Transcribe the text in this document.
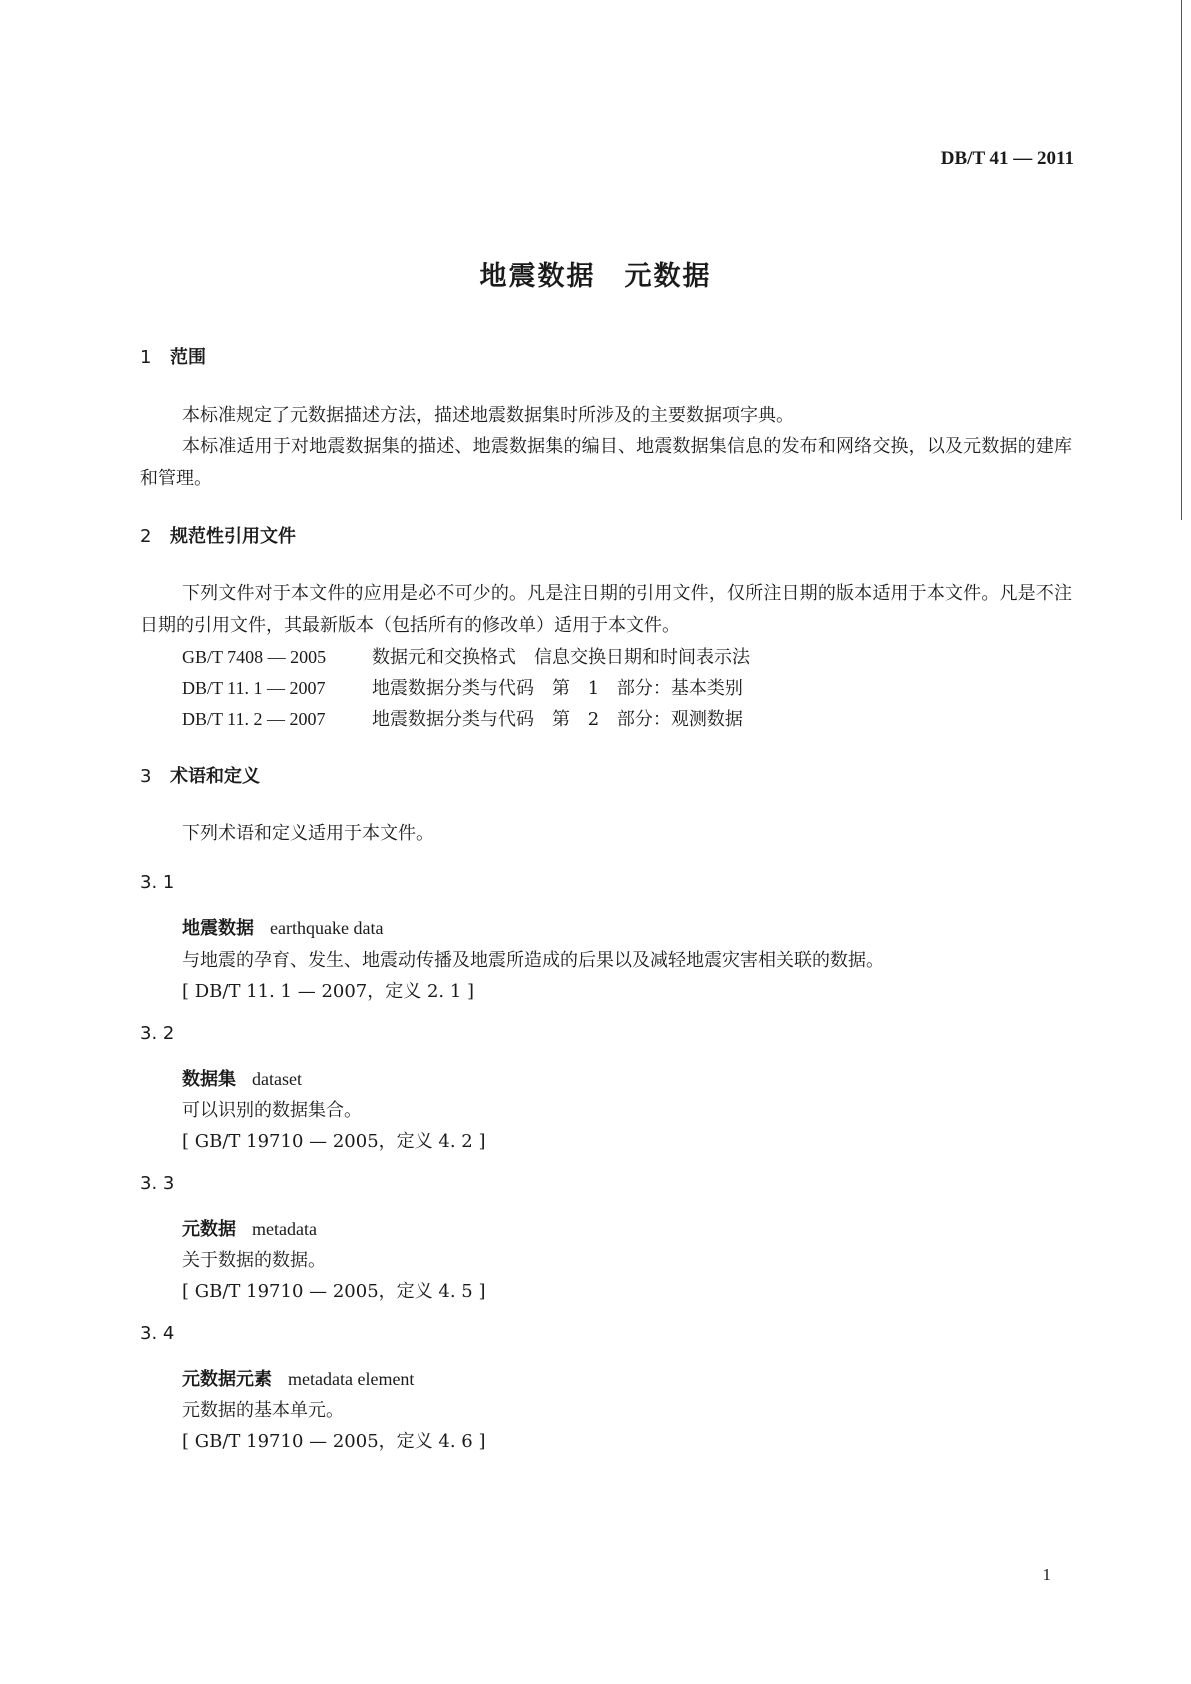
DB/T 41 — 2011
地震数据　元数据
1 范围
本标准规定了元数据描述方法，描述地震数据集时所涉及的主要数据项字典。
本标准适用于对地震数据集的描述、地震数据集的编目、地震数据集信息的发布和网络交换，以及元数据的建库和管理。
2 规范性引用文件
下列文件对于本文件的应用是必不可少的。凡是注日期的引用文件，仅所注日期的版本适用于本文件。凡是不注日期的引用文件，其最新版本（包括所有的修改单）适用于本文件。
GB/T 7408 — 2005	数据元和交换格式　信息交换日期和时间表示法
DB/T 11. 1 — 2007	地震数据分类与代码　第 1 部分：基本类别
DB/T 11. 2 — 2007	地震数据分类与代码　第 2 部分：观测数据
3 术语和定义
下列术语和定义适用于本文件。
3. 1
地震数据 earthquake data
与地震的孕育、发生、地震动传播及地震所造成的后果以及减轻地震灾害相关联的数据。
[ DB/T 11. 1 — 2007，定义 2. 1 ]
3. 2
数据集 dataset
可以识别的数据集合。
[ GB/T 19710 — 2005，定义 4. 2 ]
3. 3
元数据 metadata
关于数据的数据。
[ GB/T 19710 — 2005，定义 4. 5 ]
3. 4
元数据元素 metadata element
元数据的基本单元。
[ GB/T 19710 — 2005，定义 4. 6 ]
1
